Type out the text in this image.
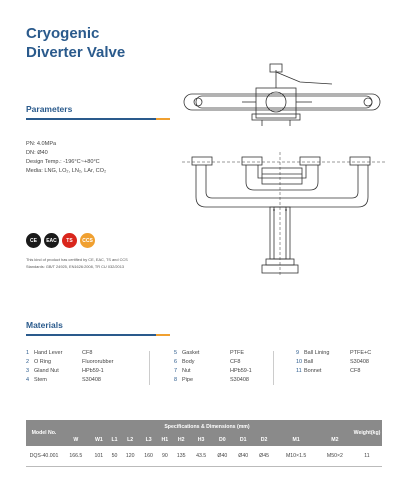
Cryogenic
Diverter Valve
Parameters
PN: 4.0MPa
DN: Ø40
Design Temp.: -196°C~+80°C
Media: LNG, LO₂, LN₂, LAr, CO₂
CE	EAC	TS	CCS
This kind of product has certified by CE, EAC, TS and CCS
Standards: GB/T 24925, EN1626:2008, TR CU 032/2013
Materials
1 Hand Lever	CF8
2 O Ring	Fluororubber
3 Gland Nut	HPb59-1
4 Stem	S30408
5 Gasket	PTFE
6 Body	CF8
7 Nut	HPb59-1
8 Pipe	S30408
9 Ball Lining	PTFE+C
10 Ball	S30408
11 Bonnet	CF8
Model No.	Specifications & Dimensions (mm)													Weight(kg)
	W	W1	L1	L2	L3	H1	H2	H3	D0	D1	D2	M1	M2	
DQS-40.001	166.5	101	50	120	160	90	135	43.5	Ø40	Ø40	Ø45	M10×1.5	M50×2	11
